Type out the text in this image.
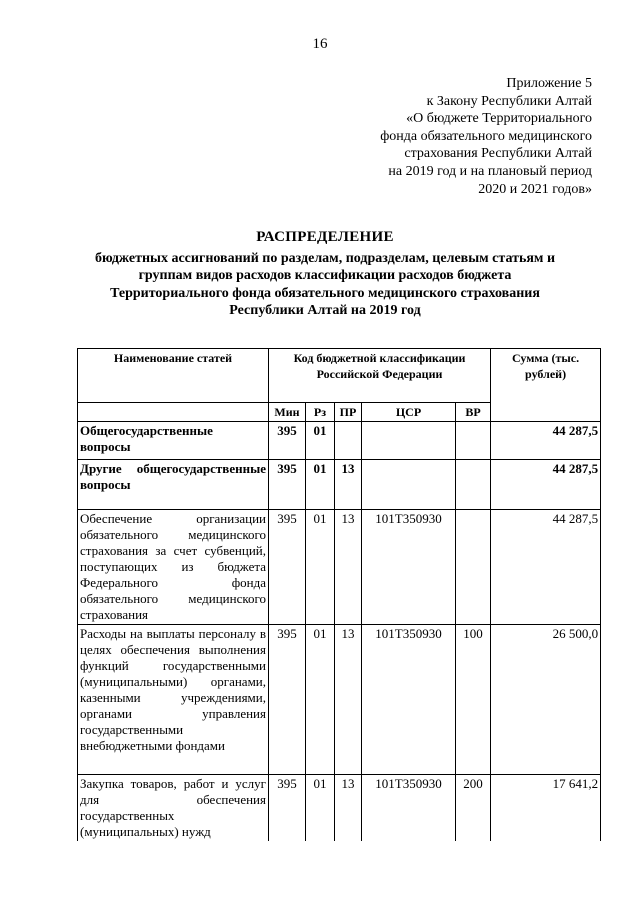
16
Приложение 5
к Закону Республики Алтай
«О бюджете Территориального
фонда обязательного медицинского
страхования Республики Алтай
на 2019 год и на плановый период
2020 и 2021 годов»
РАСПРЕДЕЛЕНИЕ
бюджетных ассигнований по разделам, подразделам, целевым статьям и
группам видов расходов классификации расходов бюджета
Территориального фонда обязательного медицинского страхования
Республики Алтай на 2019 год
Наименование статей	Код бюджетной классификации Российской Федерации					Сумма (тыс. рублей)
	Мин	Рз	ПР	ЦСР	ВР	
Общегосударственные вопросы	395	01				44 287,5
Другие общегосударственные вопросы	395	01	13			44 287,5
Обеспечение организации обязательного медицинского страхования за счет субвенций, поступающих из бюджета Федерального фонда обязательного медицинского страхования	395	01	13	101Т350930		44 287,5
Расходы на выплаты персоналу в целях обеспечения выполнения функций государственными (муниципальными) органами, казенными учреждениями, органами управления государственными внебюджетными фондами	395	01	13	101Т350930	100	26 500,0
Закупка товаров, работ и услуг для обеспечения государственных (муниципальных) нужд	395	01	13	101Т350930	200	17 641,2
